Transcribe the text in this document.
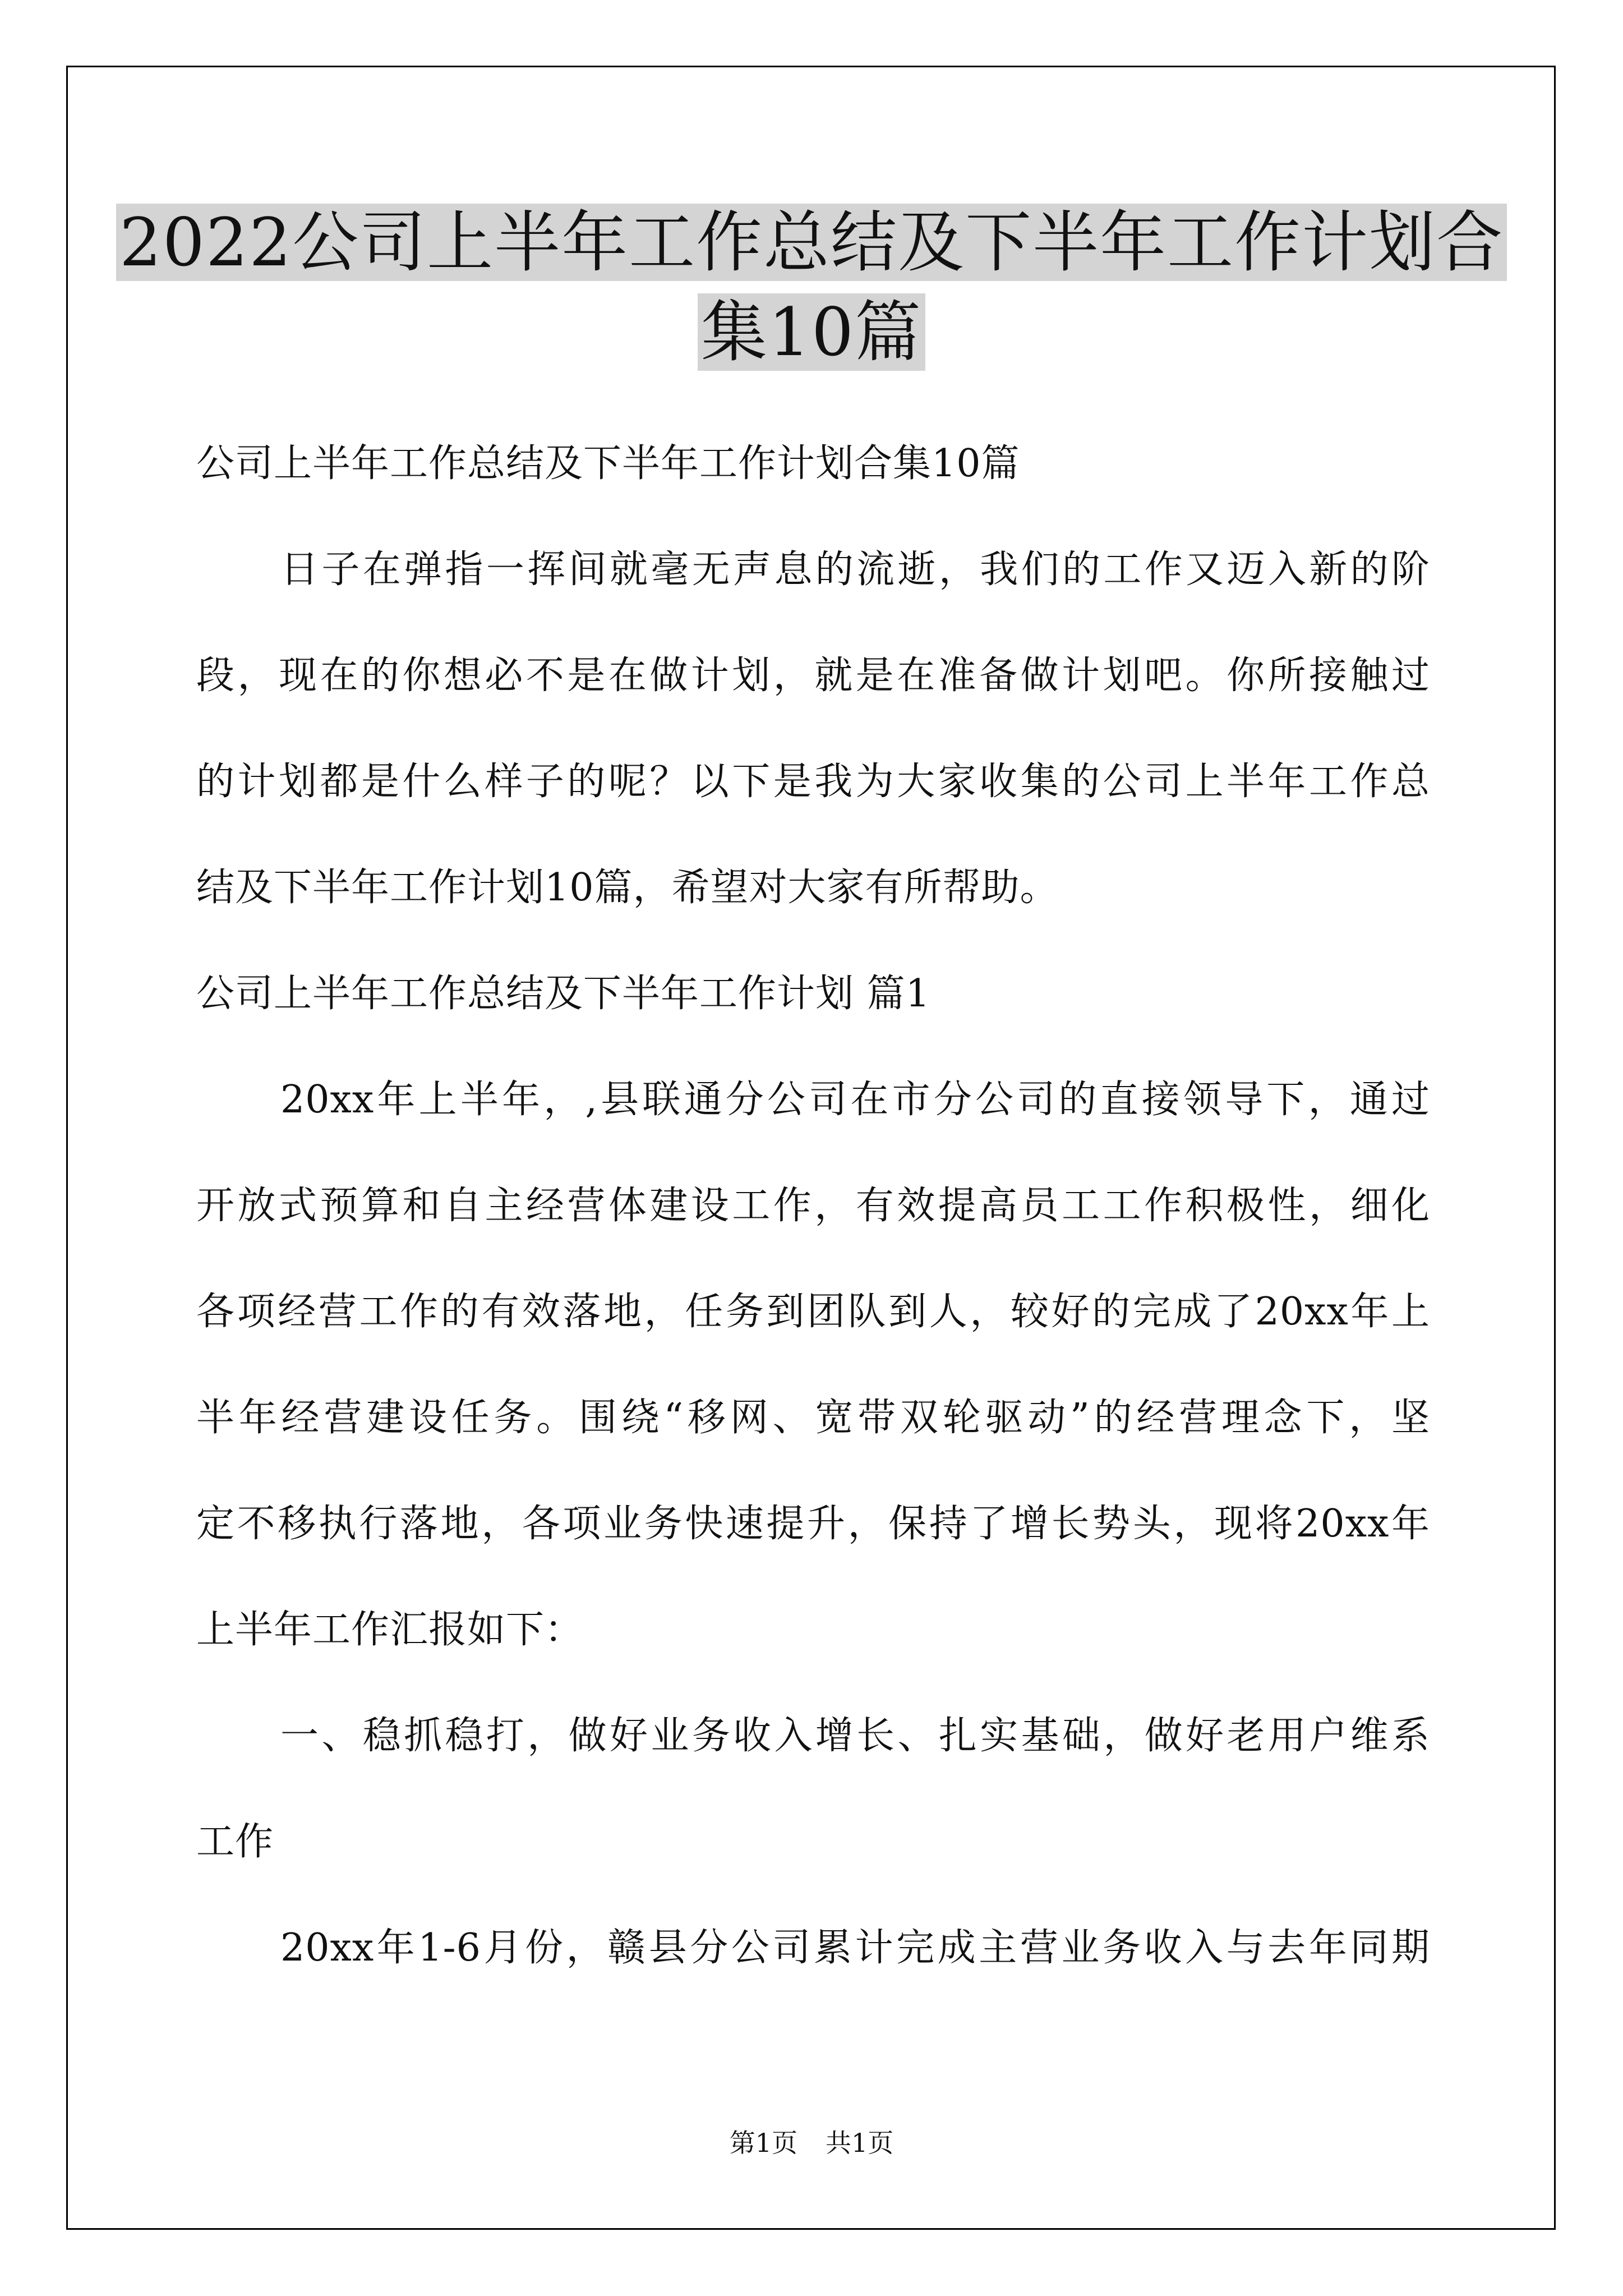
2022公司上半年工作总结及下半年工作计划合
集10篇
公司上半年工作总结及下半年工作计划合集10篇
日子在弹指一挥间就毫无声息的流逝，我们的工作又迈入新的阶
段，现在的你想必不是在做计划，就是在准备做计划吧。你所接触过
的计划都是什么样子的呢？以下是我为大家收集的公司上半年工作总
结及下半年工作计划10篇，希望对大家有所帮助。
公司上半年工作总结及下半年工作计划 篇1
20xx年上半年，,县联通分公司在市分公司的直接领导下，通过
开放式预算和自主经营体建设工作，有效提高员工工作积极性，细化
各项经营工作的有效落地，任务到团队到人，较好的完成了20xx年上
半年经营建设任务。围绕“移网、宽带双轮驱动”的经营理念下，坚
定不移执行落地，各项业务快速提升，保持了增长势头，现将20xx年
上半年工作汇报如下：
一、稳抓稳打，做好业务收入增长、扎实基础，做好老用户维系
工作
20xx年1-6月份，赣县分公司累计完成主营业务收入与去年同期
第1页 共1页
